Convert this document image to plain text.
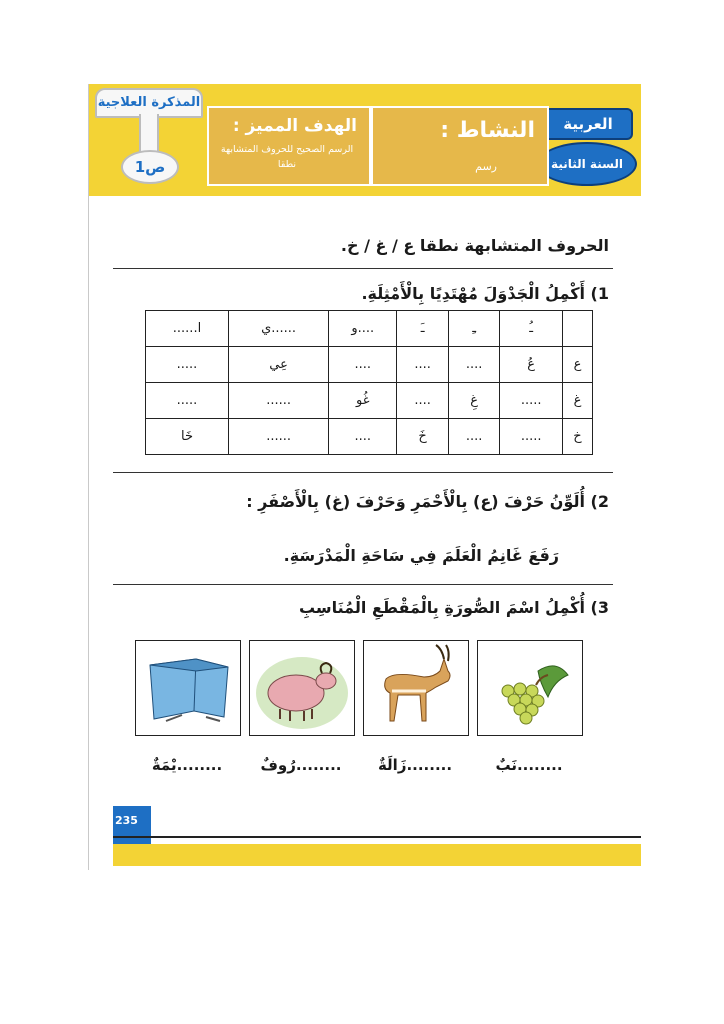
العربية
السنة الثانية
النشاط :
رسم
الهدف المميز :
الرسم الصحيح للحروف المتشابهة نطقا
المذكرة العلاجية
1ص
الحروف المتشابهة نطقا ع / غ / خ.
1) أَكْمِلُ الْجَدْوَلَ مُهْتَدِيًا بِالْأَمْثِلَةِ.
	ـُ	ـِ	ـَ	....و	......ي	ا......
ع	عُ	....	....	....	عِي	.....
غ	.....	غِ	....	غُو	......	.....
خ	.....	....	خَ	....	......	خَا
2) أُلَوِّنُ حَرْفَ (ع) بِالْأَحْمَرِ وَحَرْفَ (غ) بِالْأَصْفَرِ :
رَفَعَ غَانِمُ الْعَلَمَ فِي سَاحَةِ الْمَدْرَسَةِ.
3) أُكْمِلُ اسْمَ الصُّورَةِ بِالْمَقْطَعِ الْمُنَاسِبِ
........نَبٌ
........زَالَةٌ
........رُوفٌ
........يْمَةٌ
235
